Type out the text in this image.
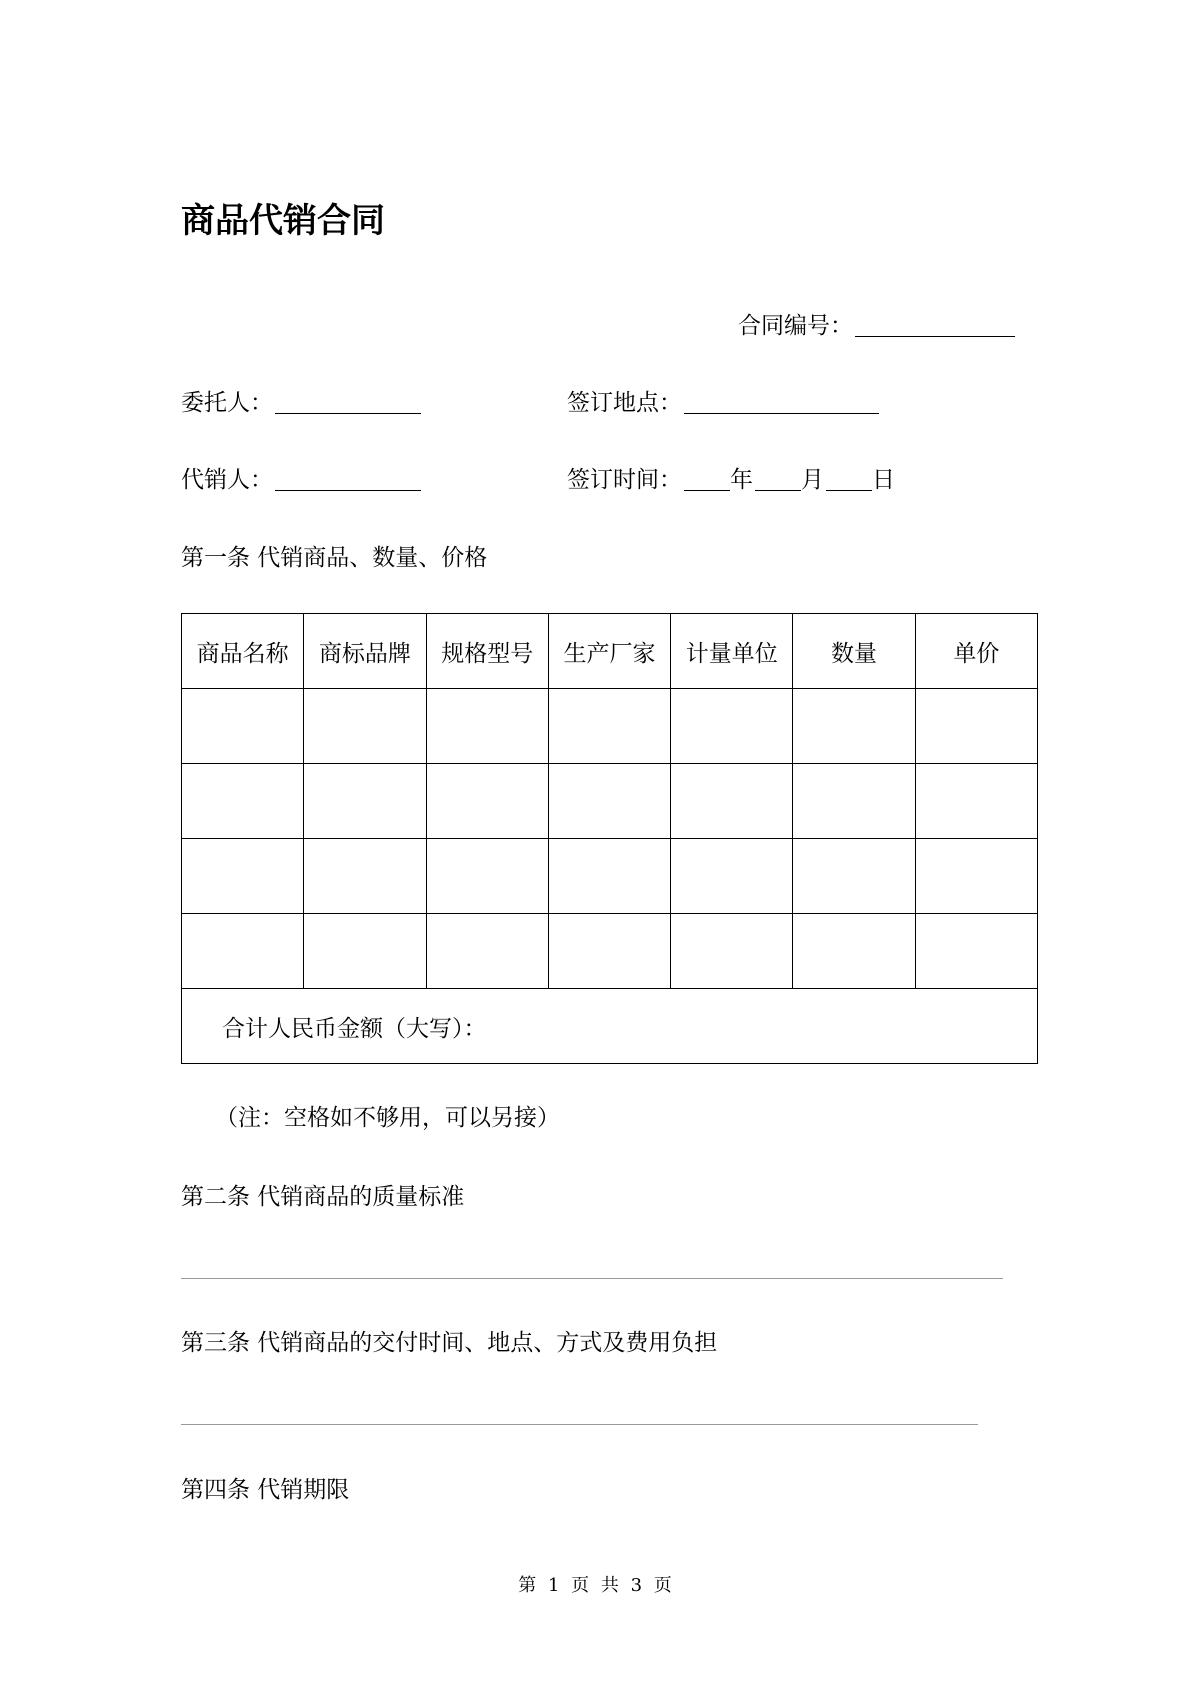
商品代销合同
合同编号：
委托人：	签订地点：
代销人：	签订时间： 年 月 日
第一条 代销商品、数量、价格
商品名称	商标品牌	规格型号	生产厂家	计量单位	数量	单价

合计人民币金额（大写）：						
（注：空格如不够用，可以另接）
第二条 代销商品的质量标准
第三条 代销商品的交付时间、地点、方式及费用负担
第四条 代销期限
第 1 页 共 3 页
